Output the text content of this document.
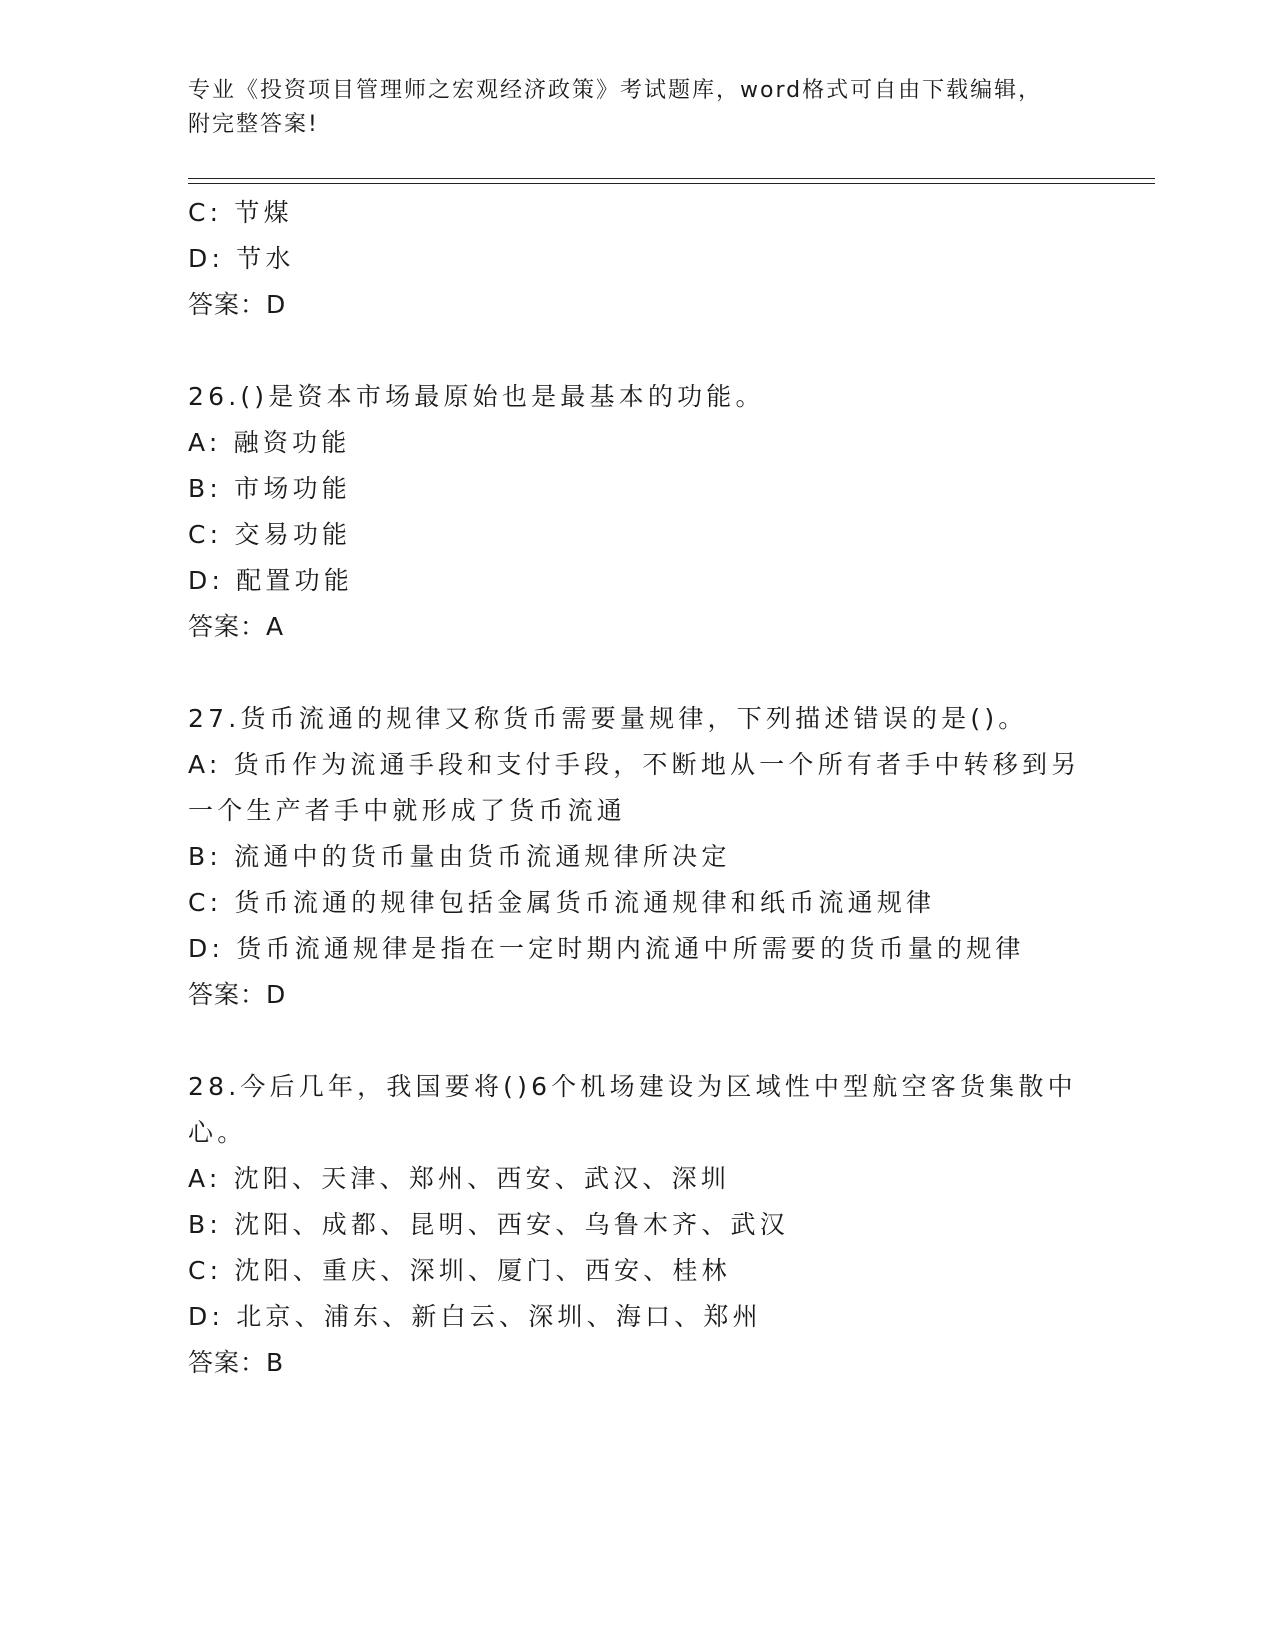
专业《投资项目管理师之宏观经济政策》考试题库，word格式可自由下载编辑，
附完整答案!
C: 节煤
D: 节水
答案：D
26.()是资本市场最原始也是最基本的功能。
A: 融资功能
B: 市场功能
C: 交易功能
D: 配置功能
答案：A
27.货币流通的规律又称货币需要量规律，下列描述错误的是()。
A: 货币作为流通手段和支付手段，不断地从一个所有者手中转移到另
一个生产者手中就形成了货币流通
B: 流通中的货币量由货币流通规律所决定
C: 货币流通的规律包括金属货币流通规律和纸币流通规律
D: 货币流通规律是指在一定时期内流通中所需要的货币量的规律
答案：D
28.今后几年，我国要将()6个机场建设为区域性中型航空客货集散中
心。
A: 沈阳、天津、郑州、西安、武汉、深圳
B: 沈阳、成都、昆明、西安、乌鲁木齐、武汉
C: 沈阳、重庆、深圳、厦门、西安、桂林
D: 北京、浦东、新白云、深圳、海口、郑州
答案：B
